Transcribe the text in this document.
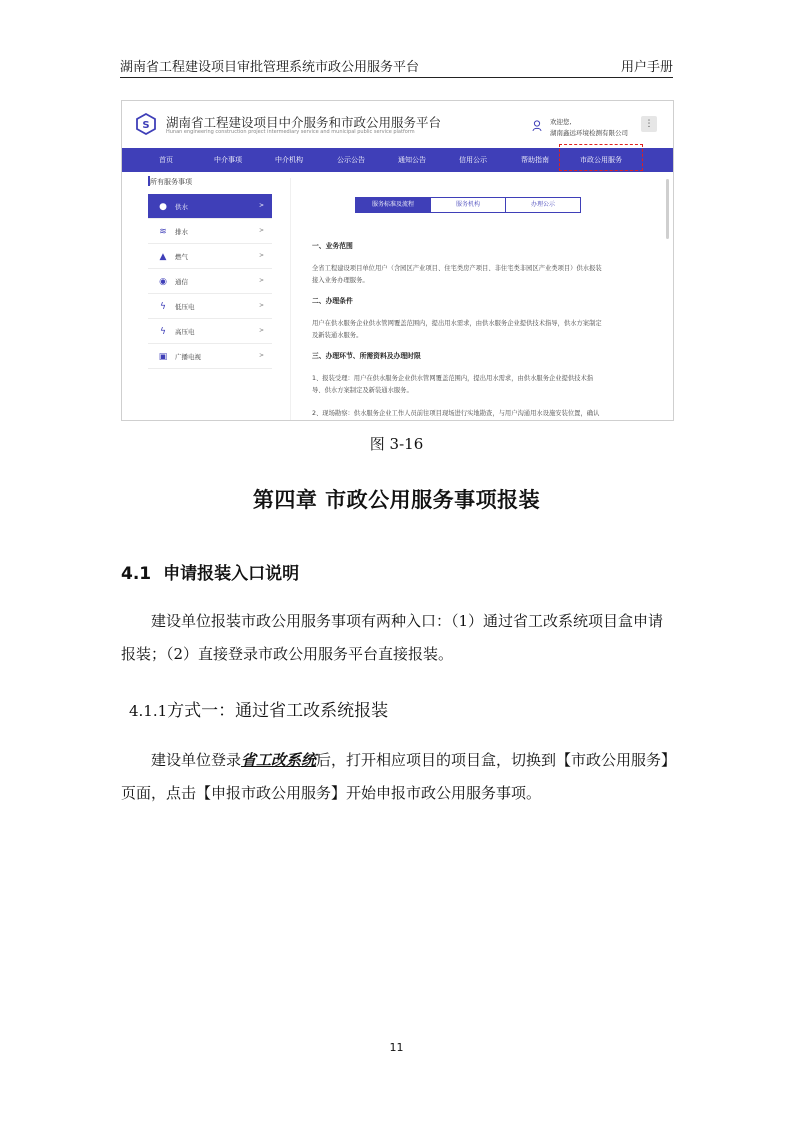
湖南省工程建设项目审批管理系统市政公用服务平台	用户手册
S 湖南省工程建设项目中介服务和市政公用服务平台
Hunan engineering construction project intermediary service and municipal public service platform
欢迎您,
湖南鑫远环境检测有限公司
⋮
首页	中介事项	中介机构	公示公告	通知公告	信用公示	帮助指南	市政公用服务
所有服务事项
● 供水	>
≋ 排水	>
▲ 燃气	>
◉ 通信	>
ϟ	低压电	>
ϟ	高压电	>
▣ 广播电视	>
服务标准及流程	服务机构	办理公示
一、业务范围
全省工程建设项目单位用户（含园区产业项目、住宅类房产项目、非住宅类非园区产业类项目）供水报装
接入业务办理服务。
二、办理条件
用户在供水服务企业供水管网覆盖范围内，提出用水需求，由供水服务企业提供技术指导，供水方案制定
及新装通水服务。
三、办理环节、所需资料及办理时限
1、报装受理：用户在供水服务企业供水管网覆盖范围内，提出用水需求，由供水服务企业提供技术指
导、供水方案制定及新装通水服务。
2、现场勘察：供水服务企业工作人员前往项目现场进行实地勘查，与用户沟通用水设施安装位置，确认
图 3-16
第四章 市政公用服务事项报装
4.1 申请报装入口说明
建设单位报装市政公用服务事项有两种入口：（1）通过省工改系统项目盒申请报装；（2）直接登录市政公用服务平台直接报装。
4.1.1方式一：通过省工改系统报装
建设单位登录省工改系统后，打开相应项目的项目盒，切换到【市政公用服务】页面，点击【申报市政公用服务】开始申报市政公用服务事项。
11
